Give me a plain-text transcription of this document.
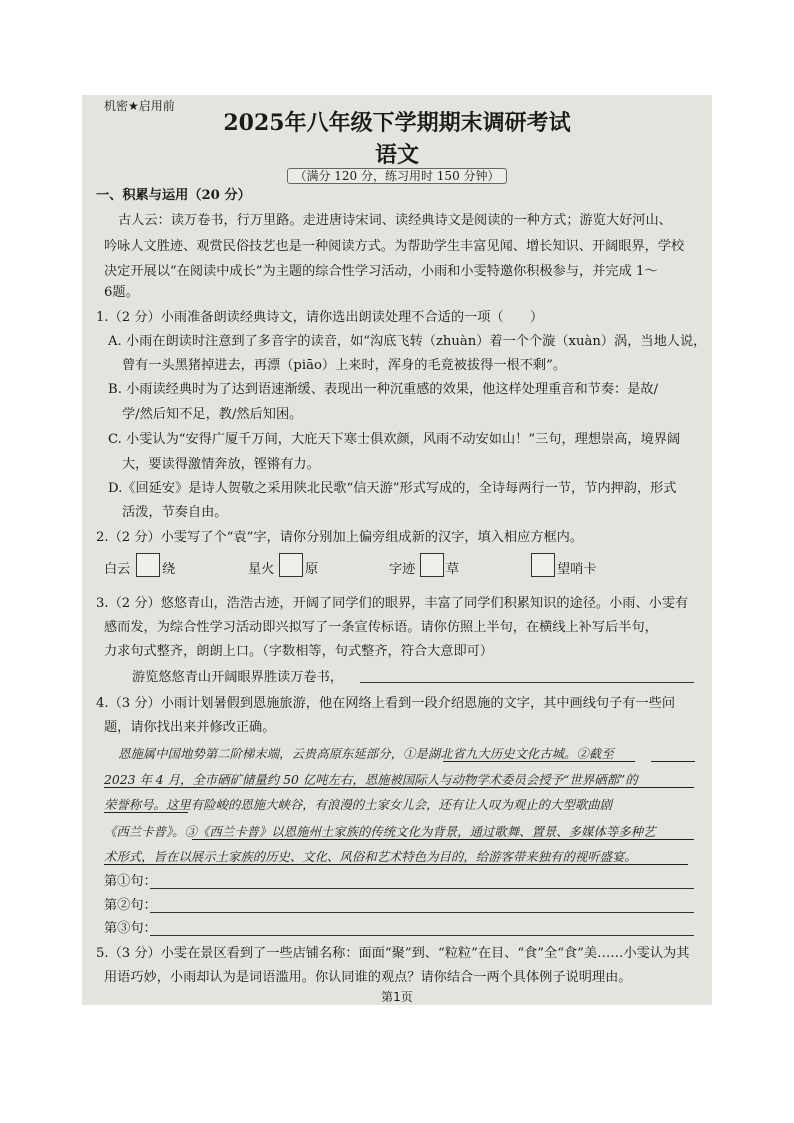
机密★启用前
2025年八年级下学期期末调研考试
语文
（满分 120 分，练习用时 150 分钟）
一、积累与运用（20 分）
古人云：读万卷书，行万里路。走进唐诗宋词、读经典诗文是阅读的一种方式；游览大好河山、
吟咏人文胜迹、观赏民俗技艺也是一种阅读方式。为帮助学生丰富见闻、增长知识、开阔眼界，学校
决定开展以“在阅读中成长”为主题的综合性学习活动，小雨和小雯特邀你积极参与，并完成 1～
6题。
1.（2 分）小雨准备朗读经典诗文，请你选出朗读处理不合适的一项（　　）
A. 小雨在朗读时注意到了多音字的读音，如“沟底飞转（zhuàn）着一个个漩（xuàn）涡，当地人说，
曾有一头黑猪掉进去，再漂（piāo）上来时，浑身的毛竟被拔得一根不剩”。
B. 小雨读经典时为了达到语速渐缓、表现出一种沉重感的效果，他这样处理重音和节奏：是故/
学/然后知不足，教/然后知困。
C. 小雯认为“安得广厦千万间，大庇天下寒士俱欢颜，风雨不动安如山！”三句，理想崇高，境界阔
大，要读得激情奔放，铿锵有力。
D.《回延安》是诗人贺敬之采用陕北民歌“信天游”形式写成的，全诗每两行一节，节内押韵，形式
活泼，节奏自由。
2.（2 分）小雯写了个“袁”字，请你分别加上偏旁组成新的汉字，填入相应方框内。
白云 绕	星火 原	字迹 草	望哨卡
3.（2 分）悠悠青山，浩浩古迹，开阔了同学们的眼界，丰富了同学们积累知识的途径。小雨、小雯有
感而发，为综合性学习活动即兴拟写了一条宣传标语。请你仿照上半句，在横线上补写后半句，
力求句式整齐，朗朗上口。（字数相等，句式整齐，符合大意即可）
游览悠悠青山开阔眼界胜读万卷书，
4.（3 分）小雨计划暑假到恩施旅游，他在网络上看到一段介绍恩施的文字，其中画线句子有一些问
题，请你找出来并修改正确。
恩施属中国地势第二阶梯末端，云贵高原东延部分，①是湖北省九大历史文化古城。②截至
2023 年 4 月，全市硒矿储量约 50 亿吨左右，恩施被国际人与动物学术委员会授予“世界硒都”的
荣誉称号。这里有险峻的恩施大峡谷，有浪漫的土家女儿会，还有让人叹为观止的大型歌曲剧
《西兰卡普》。③《西兰卡普》以恩施州土家族的传统文化为背景，通过歌舞、置景、多媒体等多种艺
术形式，旨在以展示土家族的历史、文化、风俗和艺术特色为目的，给游客带来独有的视听盛宴。
第①句：
第②句：
第③句：
5.（3 分）小雯在景区看到了一些店铺名称：面面“聚”到、“粒粒”在目、“食”全“食”美……小雯认为其
用语巧妙，小雨却认为是词语滥用。你认同谁的观点？请你结合一两个具体例子说明理由。
第1页
